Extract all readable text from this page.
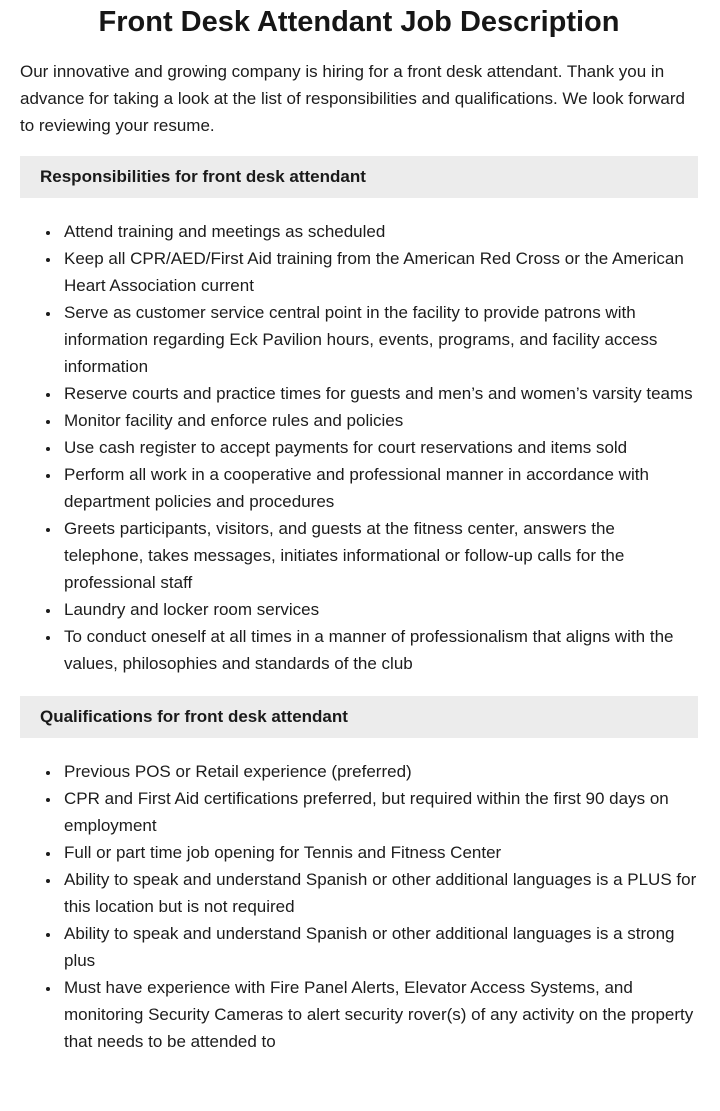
Front Desk Attendant Job Description

Our innovative and growing company is hiring for a front desk attendant. Thank you in advance for taking a look at the list of responsibilities and qualifications. We look forward to reviewing your resume.

Responsibilities for front desk attendant
• Attend training and meetings as scheduled
• Keep all CPR/AED/First Aid training from the American Red Cross or the American Heart Association current
• Serve as customer service central point in the facility to provide patrons with information regarding Eck Pavilion hours, events, programs, and facility access information
• Reserve courts and practice times for guests and men’s and women’s varsity teams
• Monitor facility and enforce rules and policies
• Use cash register to accept payments for court reservations and items sold
• Perform all work in a cooperative and professional manner in accordance with department policies and procedures
• Greets participants, visitors, and guests at the fitness center, answers the telephone, takes messages, initiates informational or follow-up calls for the professional staff
• Laundry and locker room services
• To conduct oneself at all times in a manner of professionalism that aligns with the values, philosophies and standards of the club
Qualifications for front desk attendant
• Previous POS or Retail experience (preferred)
• CPR and First Aid certifications preferred, but required within the first 90 days on employment
• Full or part time job opening for Tennis and Fitness Center
• Ability to speak and understand Spanish or other additional languages is a PLUS for this location but is not required
• Ability to speak and understand Spanish or other additional languages is a strong plus
• Must have experience with Fire Panel Alerts, Elevator Access Systems, and monitoring Security Cameras to alert security rover(s) of any activity on the property that needs to be attended to
